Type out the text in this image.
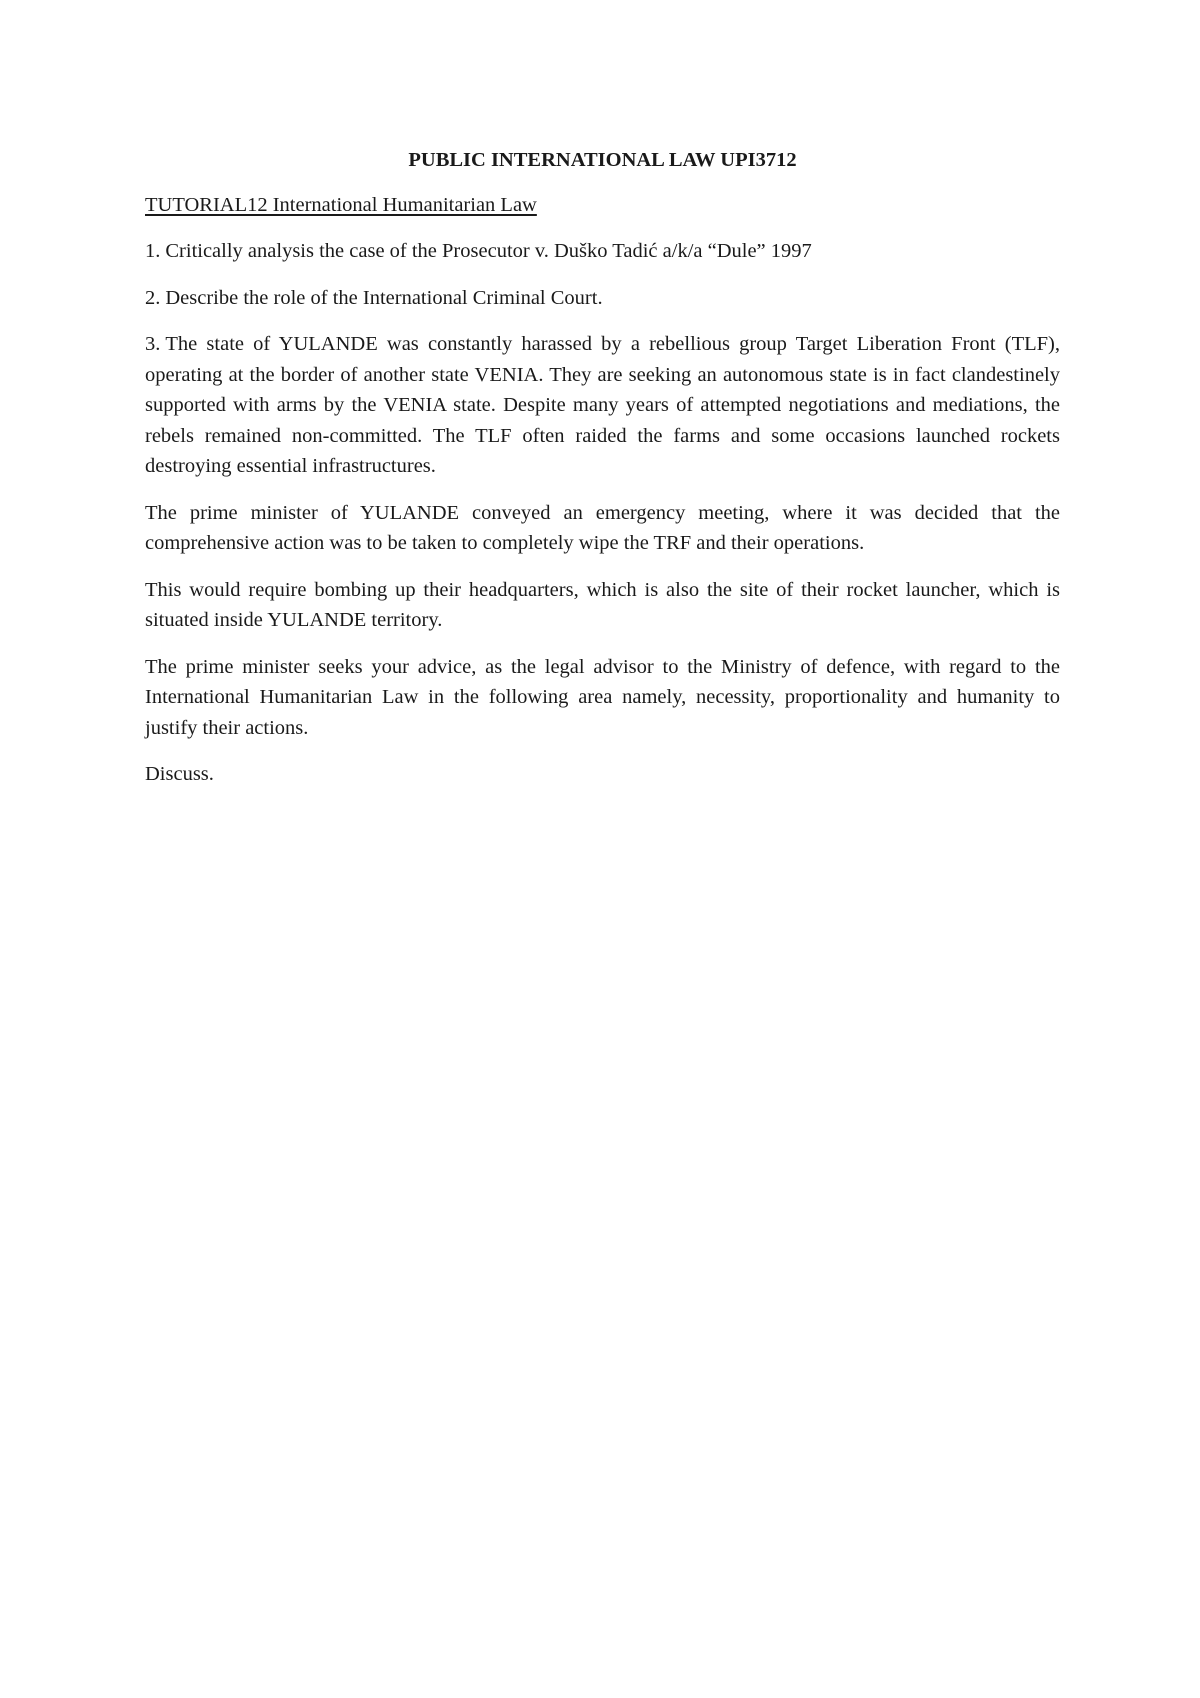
PUBLIC INTERNATIONAL LAW UPI3712

TUTORIAL12 International Humanitarian Law

1. Critically analysis the case of the Prosecutor v. Duško Tadić a/k/a “Dule” 1997

2. Describe the role of the International Criminal Court.

3. The state of YULANDE was constantly harassed by a rebellious group Target Liberation Front (TLF), operating at the border of another state VENIA. They are seeking an autonomous state is in fact clandestinely supported with arms by the VENIA state. Despite many years of attempted negotiations and mediations, the rebels remained non-committed. The TLF often raided the farms and some occasions launched rockets destroying essential infrastructures.

The prime minister of YULANDE conveyed an emergency meeting, where it was decided that the comprehensive action was to be taken to completely wipe the TRF and their operations.

This would require bombing up their headquarters, which is also the site of their rocket launcher, which is situated inside YULANDE territory.

The prime minister seeks your advice, as the legal advisor to the Ministry of defence, with regard to the International Humanitarian Law in the following area namely, necessity, proportionality and humanity to justify their actions.

Discuss.
